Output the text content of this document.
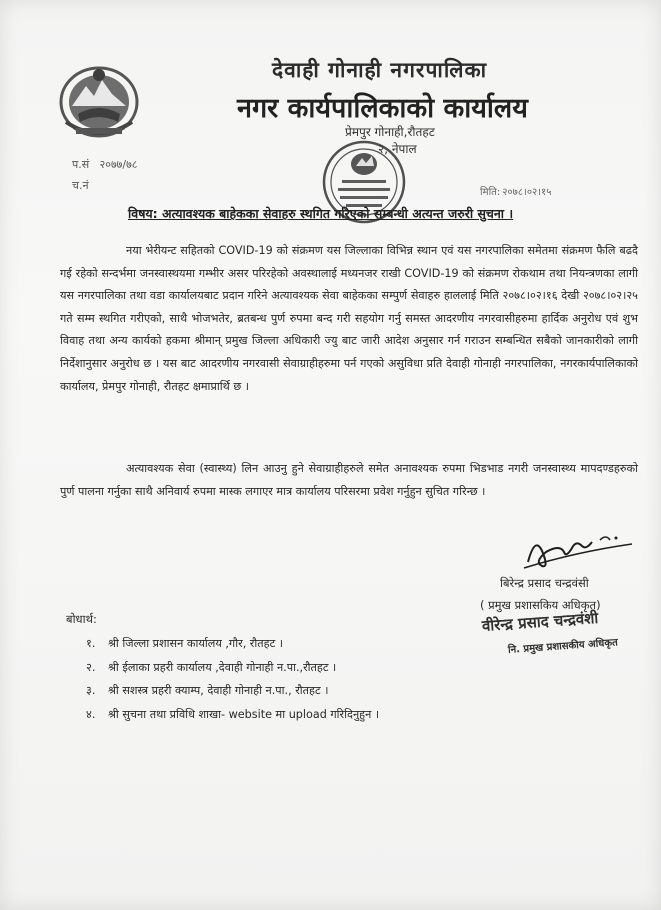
देवाही गोनाही नगरपालिका
नगर कार्यपालिकाको कार्यालय
प्रेमपुर गोनाही,रौतहट
२, नेपाल
प.सं २०७७/७८
च.नं
मिति: २०७८।०२।१५
विषय: अत्यावश्यक बाहेकका सेवाहरु स्थगित गरिएको सम्बन्धी अत्यन्त जरुरी सुचना ।

नया भेरीयन्ट सहितको COVID-19 को संक्रमण यस जिल्लाका विभिन्न स्थान एवं यस नगरपालिका समेतमा संक्रमण फैलि बढदै गई रहेको सन्दर्भमा जनस्वास्थयमा गम्भीर असर परिरहेको अवस्थालाई मध्यनजर राखी COVID-19 को संक्रमण रोकथाम तथा नियन्त्रणका लागी यस नगरपालिका तथा वडा कार्यालयबाट प्रदान गरिने अत्यावश्यक सेवा बाहेकका सम्पुर्ण सेवाहरु हाललाई मिति २०७८।०२।१६ देखी २०७८।०२।२५ गते सम्म स्थगित गरीएको, साथै भोजभतेर, ब्रतबन्ध पुर्ण रुपमा बन्द गरी सहयोग गर्नु समस्त आदरणीय नगरवासीहरुमा हार्दिक अनुरोध एवं शुभ विवाह तथा अन्य कार्यको हकमा श्रीमान् प्रमुख जिल्ला अधिकारी ज्यु बाट जारी आदेश अनुसार गर्न गराउन सम्बन्धित सबैको जानकारीको लागी निर्देशानुसार अनुरोध छ । यस बाट आदरणीय नगरवासी सेवाग्राहीहरुमा पर्न गएको असुविधा प्रति देवाही गोनाही नगरपालिका, नगरकार्यपालिकाको कार्यालय, प्रेमपुर गोनाही, रौतहट क्षमाप्रार्थि छ ।

अत्यावश्यक सेवा (स्वास्थ्य) लिन आउनु हुने सेवाग्राहीहरुले समेत अनावश्यक रुपमा भिडभाड नगरी जनस्वास्थ्य मापदण्डहरुको पुर्ण पालना गर्नुका साथै अनिवार्य रुपमा मास्क लगाएर मात्र कार्यालय परिसरमा प्रवेश गर्नुहुन सुचित गरिन्छ ।

बिरेन्द्र प्रसाद चन्द्रवंसी
( प्रमुख प्रशासकिय अधिकृत)
वीरेन्द्र प्रसाद चन्द्रवंशी
नि. प्रमुख प्रशासकीय अधिकृत
बोधार्थ:
१. श्री जिल्ला प्रशासन कार्यालय ,गौर, रौतहट ।
२. श्री ईलाका प्रहरी कार्यालय ,देवाही गोनाही न.पा.,रौतहट ।
३. श्री सशस्त्र प्रहरी क्याम्प, देवाही गोनाही न.पा., रौतहट ।
४. श्री सुचना तथा प्रविधि शाखा- website मा upload गरिदिनुहुन ।
